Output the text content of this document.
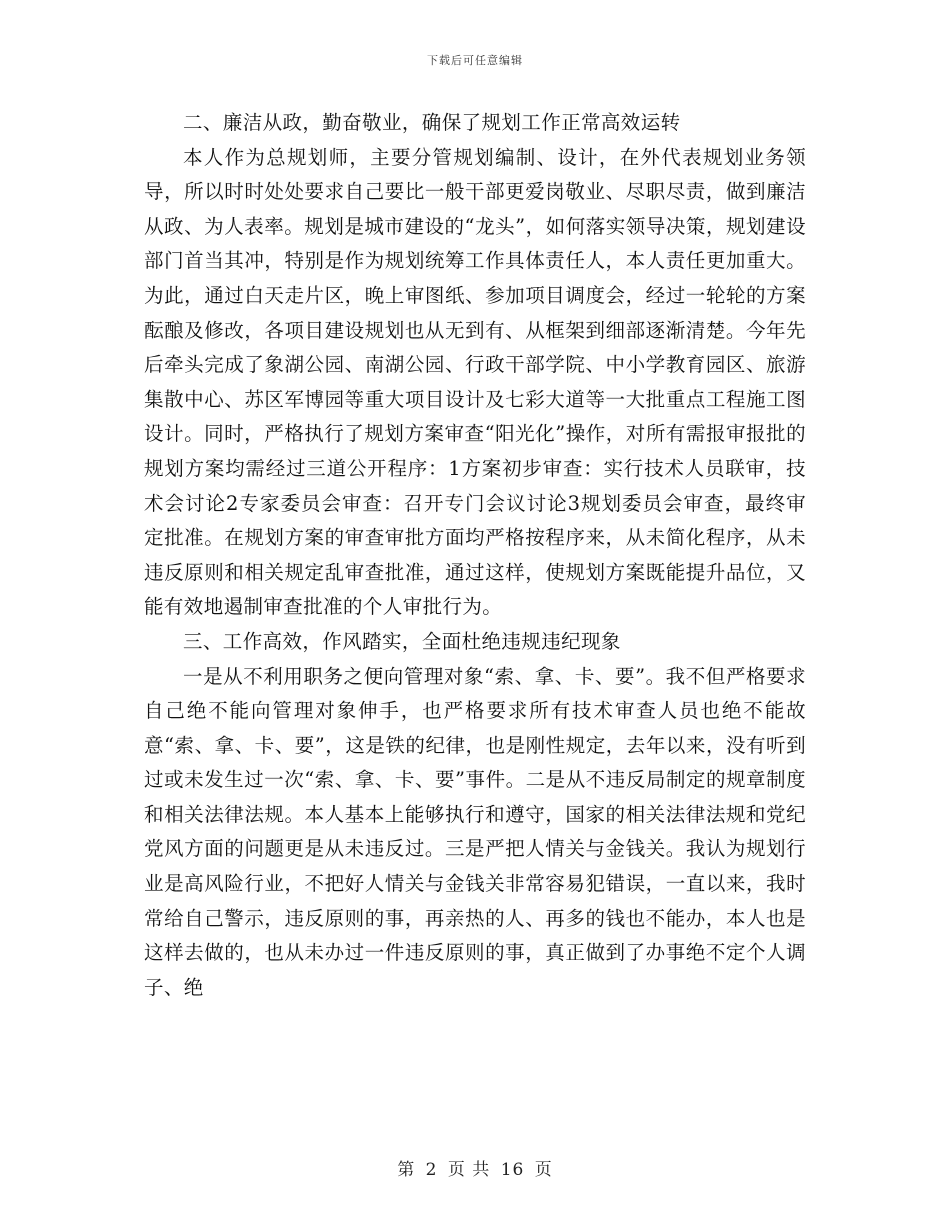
下载后可任意编辑

二、廉洁从政，勤奋敬业，确保了规划工作正常高效运转

本人作为总规划师，主要分管规划编制、设计，在外代表规划业务领导，所以时时处处要求自己要比一般干部更爱岗敬业、尽职尽责，做到廉洁从政、为人表率。规划是城市建设的“龙头”，如何落实领导决策，规划建设部门首当其冲，特别是作为规划统筹工作具体责任人，本人责任更加重大。为此，通过白天走片区，晚上审图纸、参加项目调度会，经过一轮轮的方案酝酿及修改，各项目建设规划也从无到有、从框架到细部逐渐清楚。今年先后牵头完成了象湖公园、南湖公园、行政干部学院、中小学教育园区、旅游集散中心、苏区军博园等重大项目设计及七彩大道等一大批重点工程施工图设计。同时，严格执行了规划方案审查“阳光化”操作，对所有需报审报批的规划方案均需经过三道公开程序：1方案初步审查：实行技术人员联审，技术会讨论2专家委员会审查：召开专门会议讨论3规划委员会审查，最终审定批准。在规划方案的审查审批方面均严格按程序来，从未简化程序，从未违反原则和相关规定乱审查批准，通过这样，使规划方案既能提升品位，又能有效地遏制审查批准的个人审批行为。

三、工作高效，作风踏实，全面杜绝违规违纪现象

一是从不利用职务之便向管理对象“索、拿、卡、要”。我不但严格要求自己绝不能向管理对象伸手，也严格要求所有技术审查人员也绝不能故意“索、拿、卡、要”，这是铁的纪律，也是刚性规定，去年以来，没有听到过或未发生过一次“索、拿、卡、要”事件。二是从不违反局制定的规章制度和相关法律法规。本人基本上能够执行和遵守，国家的相关法律法规和党纪党风方面的问题更是从未违反过。三是严把人情关与金钱关。我认为规划行业是高风险行业，不把好人情关与金钱关非常容易犯错误，一直以来，我时常给自己警示，违反原则的事，再亲热的人、再多的钱也不能办，本人也是这样去做的，也从未办过一件违反原则的事，真正做到了办事绝不定个人调子、绝

第 2 页 共 16 页
